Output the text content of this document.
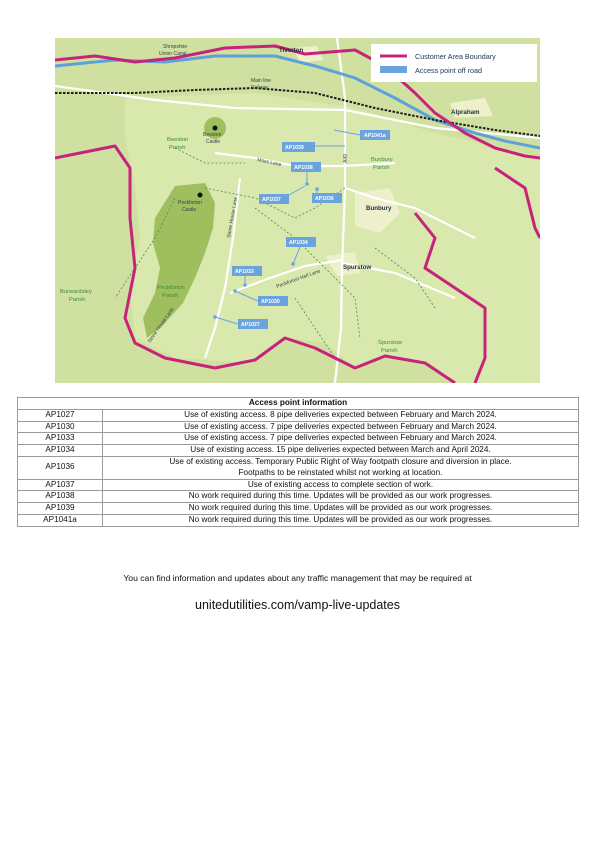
Customer Area Boundary
Access point off road
Tiverton
Alpraham
Bunbury
Spurstow
Beeston
Castle
Peckforton
Castle
Beeston
Parish
Bunbury
Parish
Burwardsley
Parish
Peckforton
Parish
Spurstow
Parish
Shropshire
Union Canal
Main line
Railway
Moss Lane	A49
Stone House Lane
Stone House Lane
Peckforton Hall Lane
AP1041a
AP1039
AP1038
AP1037	AP1036
AP1034
AP1033
AP1030
AP1027
Access point information	
AP1027	Use of existing access. 8 pipe deliveries expected between February and March 2024.
AP1030	Use of existing access. 7 pipe deliveries expected between February and March 2024.
AP1033	Use of existing access. 7 pipe deliveries expected between February and March 2024.
AP1034	Use of existing access. 15 pipe deliveries expected between March and April 2024.
AP1036	Use of existing access. Temporary Public Right of Way footpath closure and diversion in place.
Footpaths to be reinstated whilst not working at location.

AP1037	Use of existing access to complete section of work.
AP1038	No work required during this time. Updates will be provided as our work progresses.
AP1039	No work required during this time. Updates will be provided as our work progresses.
AP1041a	No work required during this time. Updates will be provided as our work progresses.
You can find information and updates about any traffic management that may be required at
unitedutilities.com/vamp-live-updates
